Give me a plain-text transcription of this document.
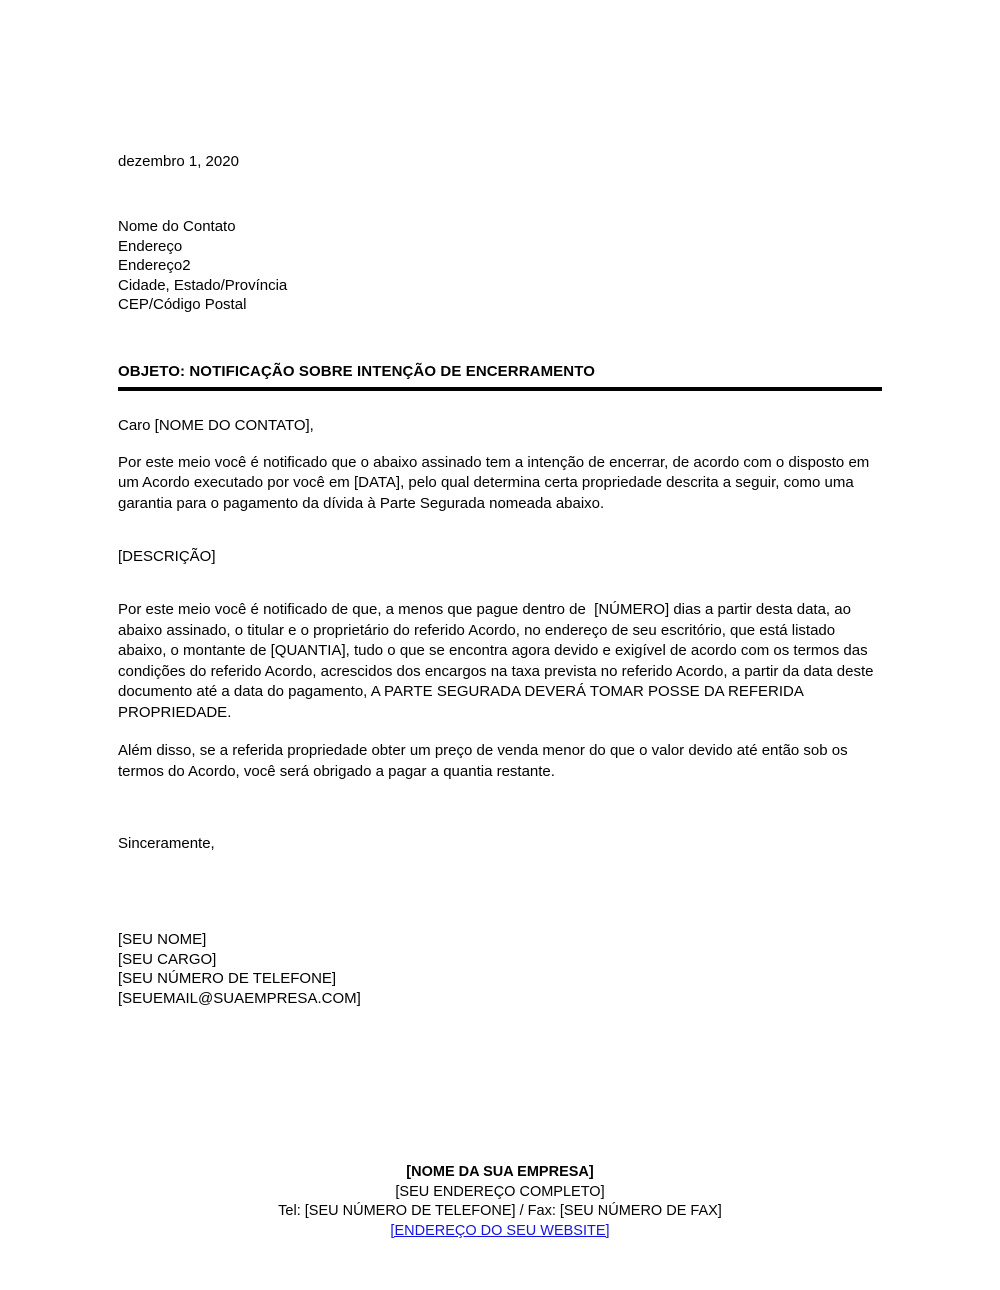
dezembro 1, 2020
Nome do Contato
Endereço
Endereço2
Cidade, Estado/Província
CEP/Código Postal
OBJETO: NOTIFICAÇÃO SOBRE INTENÇÃO DE ENCERRAMENTO
Caro [NOME DO CONTATO],
Por este meio você é notificado que o abaixo assinado tem a intenção de encerrar, de acordo com o disposto em um Acordo executado por você em [DATA], pelo qual determina certa propriedade descrita a seguir, como uma garantia para o pagamento da dívida à Parte Segurada nomeada abaixo.
[DESCRIÇÃO]
Por este meio você é notificado de que, a menos que pague dentro de  [NÚMERO] dias a partir desta data, ao abaixo assinado, o titular e o proprietário do referido Acordo, no endereço de seu escritório, que está listado abaixo, o montante de [QUANTIA], tudo o que se encontra agora devido e exigível de acordo com os termos das condições do referido Acordo, acrescidos dos encargos na taxa prevista no referido Acordo, a partir da data deste documento até a data do pagamento, A PARTE SEGURADA DEVERÁ TOMAR POSSE DA REFERIDA PROPRIEDADE.
Além disso, se a referida propriedade obter um preço de venda menor do que o valor devido até então sob os termos do Acordo, você será obrigado a pagar a quantia restante.
Sinceramente,
[SEU NOME]
[SEU CARGO]
[SEU NÚMERO DE TELEFONE]
[SEUEMAIL@SUAEMPRESA.COM]
[NOME DA SUA EMPRESA]
[SEU ENDEREÇO COMPLETO]
Tel: [SEU NÚMERO DE TELEFONE] / Fax: [SEU NÚMERO DE FAX]
[ENDEREÇO DO SEU WEBSITE]
